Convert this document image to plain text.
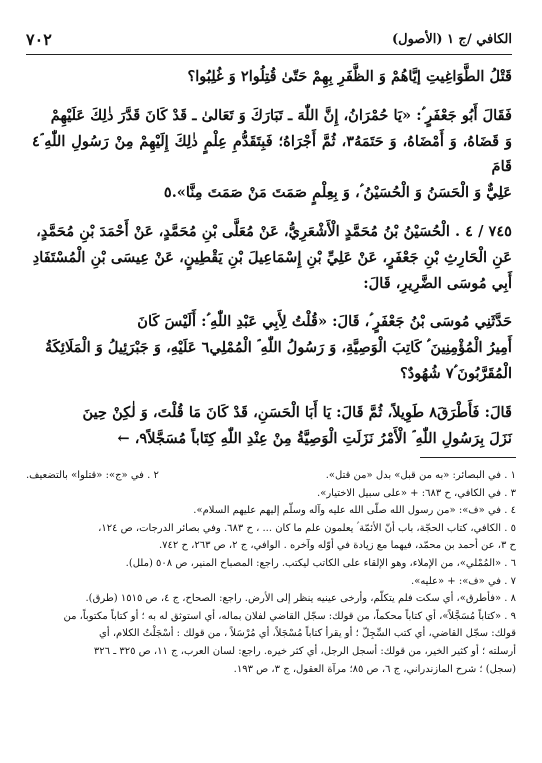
٧٠٢	الكافي /ج ١ (الأصول)

قَتْلُ الطَّوَاغِيتِ إيَّاهُمْ وَ الظَّفَرِ بِهِمْ حَتّىٰ قُتِلُوا٢ وَ غُلِبُوا؟

فَقَالَ أَبُو جَعْفَرٍ ؑ: «يَا حُمْرَانُ، إِنَّ اللّٰهَ ـ تَبَارَكَ وَ تَعَالىٰ ـ قَدْ كَانَ قَدَّرَ ذٰلِكَ عَلَيْهِمْ

وَ قَضَاهُ، وَ أَمْضَاهُ، وَ حَتَمَهُ٣، ثُمَّ أَجْرَاهُ؛ فَبِتَقَدُّمِ عِلْمٍ ذٰلِكَ إِلَيْهِمْ مِنْ رَسُولِ اللّٰهِ ؐ٤ قَامَ

عَلِيٌّ وَ الْحَسَنُ وَ الْحُسَيْنُ ؑ، وَ بِعِلْمٍ صَمَتَ مَنْ صَمَتَ مِنَّا».٥

٧٤٥ / ٤ . الْحُسَيْنُ بْنُ مُحَمَّدٍ الْأَشْعَرِيُّ، عَنْ مُعَلَّى بْنِ مُحَمَّدٍ، عَنْ أَحْمَدَ بْنِ مُحَمَّدٍ،

عَنِ الْحَارِثِ بْنِ جَعْفَرٍ، عَنْ عَلِيِّ بْنِ إِسْمَاعِيلَ بْنِ يَقْطِينٍ، عَنْ عِيسَى بْنِ الْمُسْتَفَادِ

أَبِي مُوسَى الضَّرِيرِ، قَالَ:

حَدَّثَنِي مُوسَى بْنُ جَعْفَرٍ ؑ، قَالَ: «قُلْتُ لِأَبِي عَبْدِ اللّٰهِ ؑ: أَلَيْسَ كَانَ

أَمِيرُ الْمُؤْمِنِينَ ؑ كَاتِبَ الْوَصِيَّةِ، وَ رَسُولُ اللّٰهِ ؐ الْمُمْلِي٦ عَلَيْهِ، وَ جَبْرَئِيلُ وَ الْمَلَائِكَةُ

الْمُقَرَّبُونَ ؑ٧ شُهُودٌ؟

قَالَ: فَأَطْرَقَ٨ طَوِيلاً، ثُمَّ قَالَ: يَا أَبَا الْحَسَنِ، قَدْ كَانَ مَا قُلْتَ، وَ لٰكِنْ حِينَ

نَزَلَ بِرَسُولِ اللّٰهِ ؐ الْأَمْرُ نَزَلَتِ الْوَصِيَّةُ مِنْ عِنْدِ اللّٰهِ كِتَاباً مُسَجَّلاً٩، ←

١ . في البصائر: «به من قبل» بدل «من قتل».
٢ . في «ج»: «قتلوا» بالتضعيف.
٣ . في الكافي، ح ٦٨٣: + «على سبيل الاختيار».
٤ . في «ف»: «من رسول الله صلّى الله عليه وآله وسلّم إليهم عليهم السلام».
٥ . الكافي، كتاب الحجّة، باب أنّ الأئمّة ؑ يعلمون علم ما كان ... ، ح ٦٨٣. وفي بصائر الدرجات، ص ١٢٤،
ح ٣، عن أحمد بن محمّد، فيهما مع زيادة في أوّله وآخره . الوافي، ج ٢، ص ٢٦٣، ح ٧٤٢.
٦ . «المُمْلي»، من الإملاء، وهو الإلقاء على الكاتب ليكتب. راجع: المصباح المنير، ص ٥٠٨ (ملل).
٧ . في «ف»: + «عليه».
٨ . «فأطرق»، أي سكت فلم يتكلّم، وأرخى عينيه ينظر إلى الأرض. راجع: الصحاح، ج ٤، ص ١٥١٥ (طرق).
٩ . «كتاباً مُسَجَّلاً»، أي كتاباً محكماً، من قولك: سجّل القاضي لفلان بماله، أي استوثق له به ؛ أو كتاباً مكتوباً، من
قولك: سجّل القاضي، أي كتب السِّجِلّ ؛ أو يقرأ كتاباً مُسْجَلاً، أي مُرْسَلاً ، من قولك : أسْجَلْتُ الكلام، أي
أرسلته ؛ أو كثير الخير، من قولك: أسجل الرجل، أي كثر خيره. راجع: لسان العرب، ج ١١، ص ٣٢٥ ـ ٣٢٦
(سجل) ؛ شرح المازندراني، ج ٦، ص ٨٥؛ مرآة العقول، ج ٣، ص ١٩٣.
